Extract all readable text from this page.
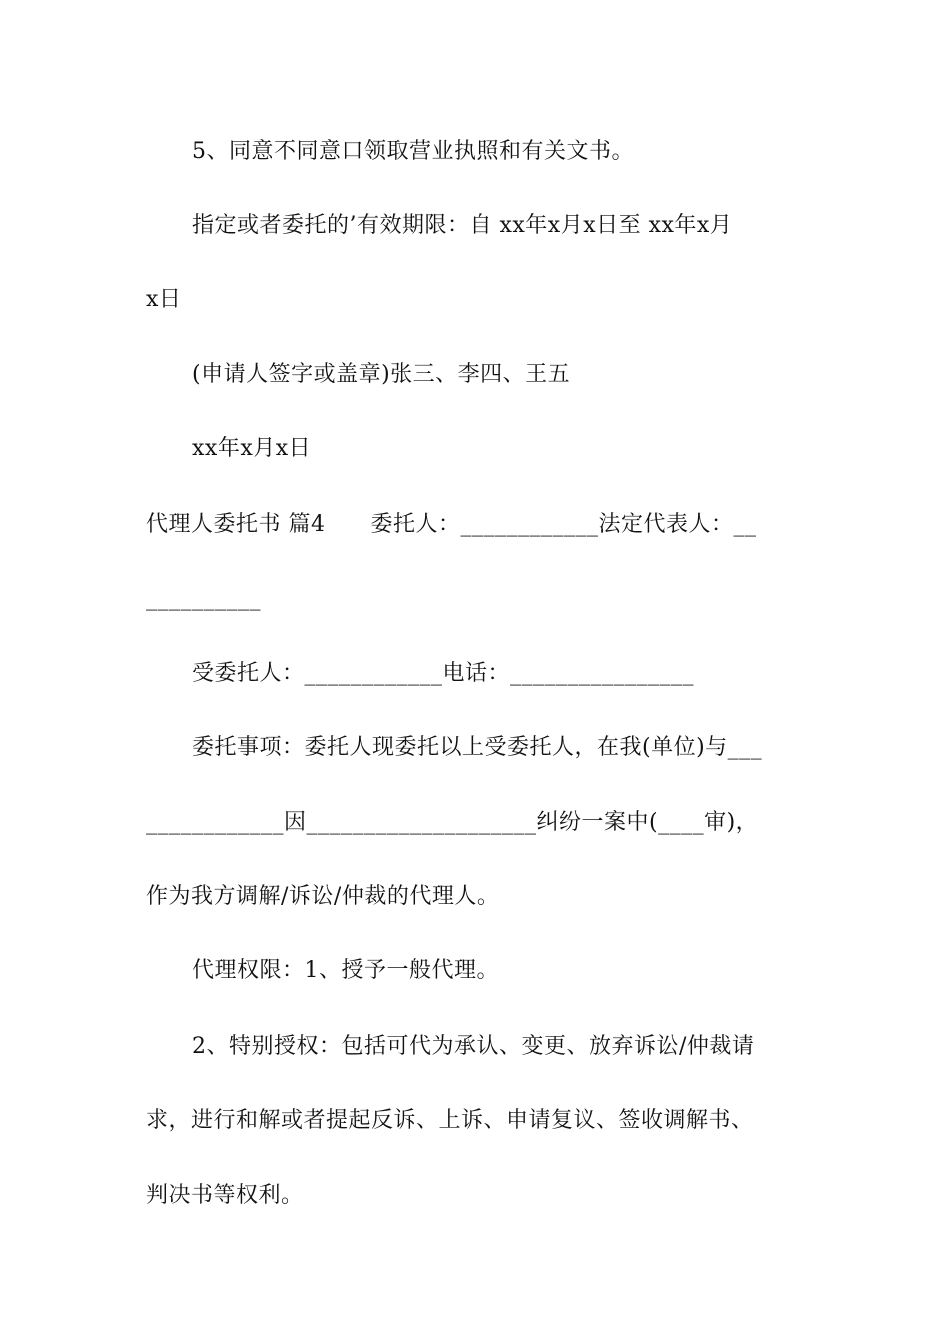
5、同意不同意口领取营业执照和有关文书。
指定或者委托的’有效期限：自 xx年x月x日至 xx年x月
x日
(申请人签字或盖章)张三、李四、王五
xx年x月x日
代理人委托书 篇4      委托人：____________法定代表人：__
__________
受委托人：____________电话：________________
委托事项：委托人现委托以上受委托人，在我(单位)与___
____________因____________________纠纷一案中(____审)，
作为我方调解/诉讼/仲裁的代理人。
代理权限：1、授予一般代理。
2、特别授权：包括可代为承认、变更、放弃诉讼/仲裁请
求，进行和解或者提起反诉、上诉、申请复议、签收调解书、
判决书等权利。
